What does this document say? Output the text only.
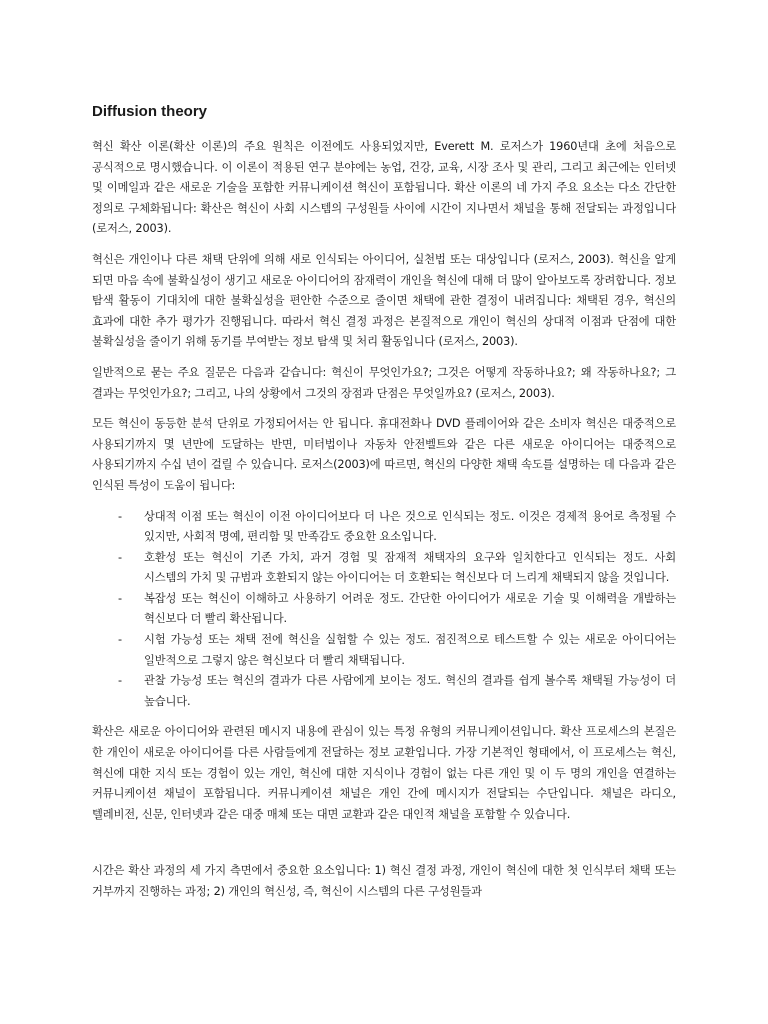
Diffusion theory

혁신 확산 이론(확산 이론)의 주요 원칙은 이전에도 사용되었지만, Everett M. 로저스가 1960년대 초에 처음으로 공식적으로 명시했습니다. 이 이론이 적용된 연구 분야에는 농업, 건강, 교육, 시장 조사 및 관리, 그리고 최근에는 인터넷 및 이메일과 같은 새로운 기술을 포함한 커뮤니케이션 혁신이 포함됩니다. 확산 이론의 네 가지 주요 요소는 다소 간단한 정의로 구체화됩니다: 확산은 혁신이 사회 시스템의 구성원들 사이에 시간이 지나면서 채널을 통해 전달되는 과정입니다 (로저스, 2003).

혁신은 개인이나 다른 채택 단위에 의해 새로 인식되는 아이디어, 실천법 또는 대상입니다 (로저스, 2003). 혁신을 알게 되면 마음 속에 불확실성이 생기고 새로운 아이디어의 잠재력이 개인을 혁신에 대해 더 많이 알아보도록 장려합니다. 정보 탐색 활동이 기대치에 대한 불확실성을 편안한 수준으로 줄이면 채택에 관한 결정이 내려집니다: 채택된 경우, 혁신의 효과에 대한 추가 평가가 진행됩니다. 따라서 혁신 결정 과정은 본질적으로 개인이 혁신의 상대적 이점과 단점에 대한 불확실성을 줄이기 위해 동기를 부여받는 정보 탐색 및 처리 활동입니다 (로저스, 2003).

일반적으로 묻는 주요 질문은 다음과 같습니다: 혁신이 무엇인가요?; 그것은 어떻게 작동하나요?; 왜 작동하나요?; 그 결과는 무엇인가요?; 그리고, 나의 상황에서 그것의 장점과 단점은 무엇일까요? (로저스, 2003).

모든 혁신이 동등한 분석 단위로 가정되어서는 안 됩니다. 휴대전화나 DVD 플레이어와 같은 소비자 혁신은 대중적으로 사용되기까지 몇 년만에 도달하는 반면, 미터법이나 자동차 안전벨트와 같은 다른 새로운 아이디어는 대중적으로 사용되기까지 수십 년이 걸릴 수 있습니다. 로저스(2003)에 따르면, 혁신의 다양한 채택 속도를 설명하는 데 다음과 같은 인식된 특성이 도움이 됩니다:

- 상대적 이점 또는 혁신이 이전 아이디어보다 더 나은 것으로 인식되는 정도. 이것은 경제적 용어로 측정될 수 있지만, 사회적 명예, 편리함 및 만족감도 중요한 요소입니다.
- 호환성 또는 혁신이 기존 가치, 과거 경험 및 잠재적 채택자의 요구와 일치한다고 인식되는 정도. 사회 시스템의 가치 및 규범과 호환되지 않는 아이디어는 더 호환되는 혁신보다 더 느리게 채택되지 않을 것입니다.
- 복잡성 또는 혁신이 이해하고 사용하기 어려운 정도. 간단한 아이디어가 새로운 기술 및 이해력을 개발하는 혁신보다 더 빨리 확산됩니다.
- 시험 가능성 또는 채택 전에 혁신을 실험할 수 있는 정도. 점진적으로 테스트할 수 있는 새로운 아이디어는 일반적으로 그렇지 않은 혁신보다 더 빨리 채택됩니다.
- 관찰 가능성 또는 혁신의 결과가 다른 사람에게 보이는 정도. 혁신의 결과를 쉽게 볼수록 채택될 가능성이 더 높습니다.

확산은 새로운 아이디어와 관련된 메시지 내용에 관심이 있는 특정 유형의 커뮤니케이션입니다. 확산 프로세스의 본질은 한 개인이 새로운 아이디어를 다른 사람들에게 전달하는 정보 교환입니다. 가장 기본적인 형태에서, 이 프로세스는 혁신, 혁신에 대한 지식 또는 경험이 있는 개인, 혁신에 대한 지식이나 경험이 없는 다른 개인 및 이 두 명의 개인을 연결하는 커뮤니케이션 채널이 포함됩니다. 커뮤니케이션 채널은 개인 간에 메시지가 전달되는 수단입니다. 채널은 라디오, 텔레비전, 신문, 인터넷과 같은 대중 매체 또는 대면 교환과 같은 대인적 채널을 포함할 수 있습니다.

시간은 확산 과정의 세 가지 측면에서 중요한 요소입니다: 1) 혁신 결정 과정, 개인이 혁신에 대한 첫 인식부터 채택 또는 거부까지 진행하는 과정; 2) 개인의 혁신성, 즉, 혁신이 시스템의 다른 구성원들과
